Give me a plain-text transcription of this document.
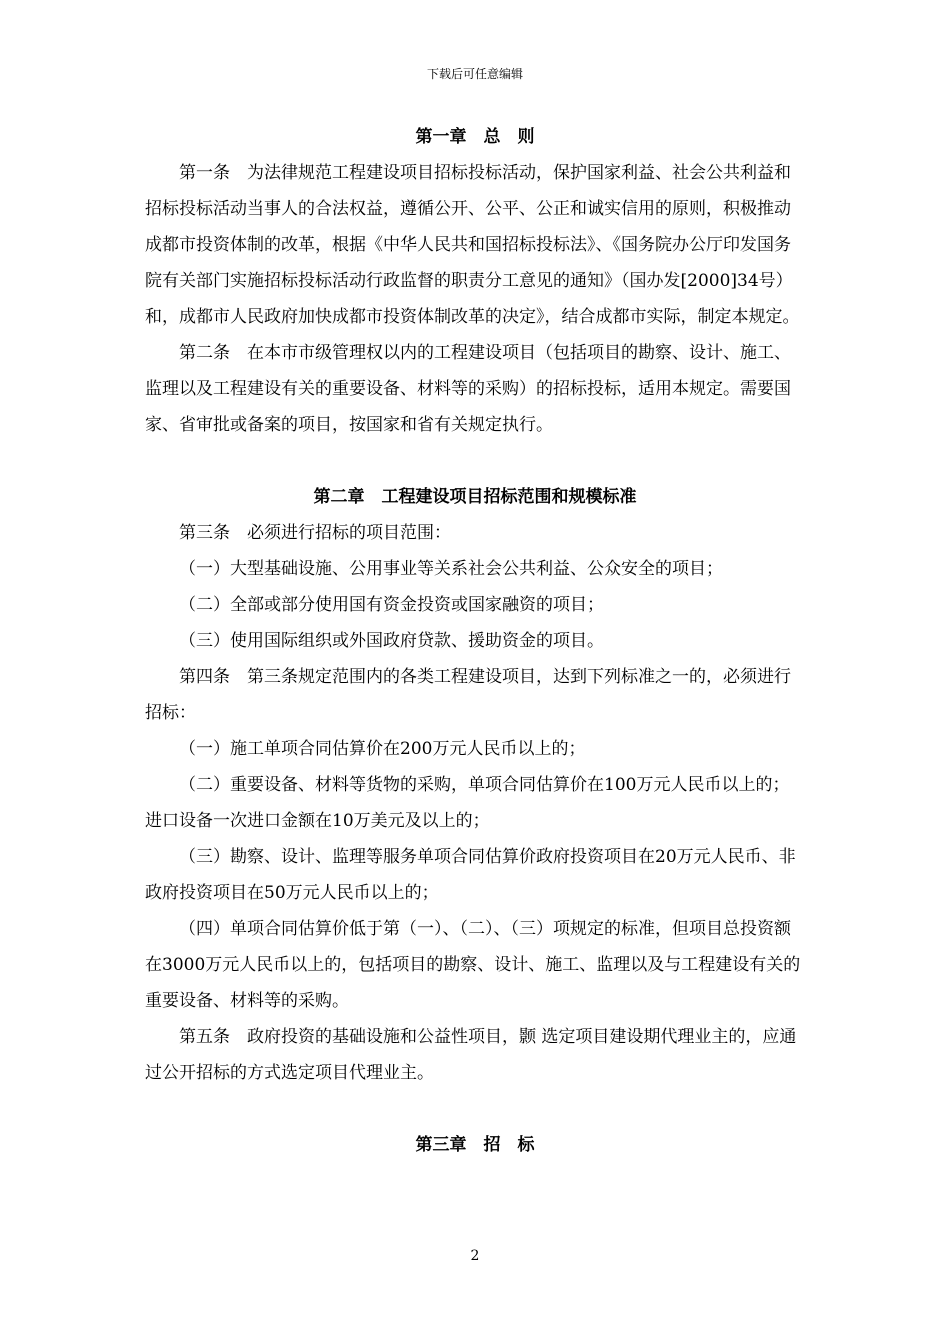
下载后可任意编辑
第一章　总　则

第一条　为法律规范工程建设项目招标投标活动，保护国家利益、社会公共利益和招标投标活动当事人的合法权益，遵循公开、公平、公正和诚实信用的原则，积极推动成都市投资体制的改革，根据《中华人民共和国招标投标法》、《国务院办公厅印发国务院有关部门实施招标投标活动行政监督的职责分工意见的通知》（国办发[2000]34号）和，成都市人民政府加快成都市投资体制改革的决定》，结合成都市实际，制定本规定。

第二条　在本市市级管理权以内的工程建设项目（包括项目的勘察、设计、施工、监理以及工程建设有关的重要设备、材料等的采购）的招标投标，适用本规定。需要国家、省审批或备案的项目，按国家和省有关规定执行。

第二章　工程建设项目招标范围和规模标准

第三条　必须进行招标的项目范围：

（一）大型基础设施、公用事业等关系社会公共利益、公众安全的项目；

（二）全部或部分使用国有资金投资或国家融资的项目；

（三）使用国际组织或外国政府贷款、援助资金的项目。

第四条　第三条规定范围内的各类工程建设项目，达到下列标准之一的，必须进行招标：

（一）施工单项合同估算价在200万元人民币以上的；

（二）重要设备、材料等货物的采购，单项合同估算价在100万元人民币以上的；进口设备一次进口金额在10万美元及以上的；

（三）勘察、设计、监理等服务单项合同估算价政府投资项目在20万元人民币、非政府投资项目在50万元人民币以上的；

（四）单项合同估算价低于第（一）、（二）、（三）项规定的标准，但项目总投资额在3000万元人民币以上的，包括项目的勘察、设计、施工、监理以及与工程建设有关的重要设备、材料等的采购。

第五条　政府投资的基础设施和公益性项目，颢 选定项目建设期代理业主的，应通过公开招标的方式选定项目代理业主。

第三章　招　标
2
